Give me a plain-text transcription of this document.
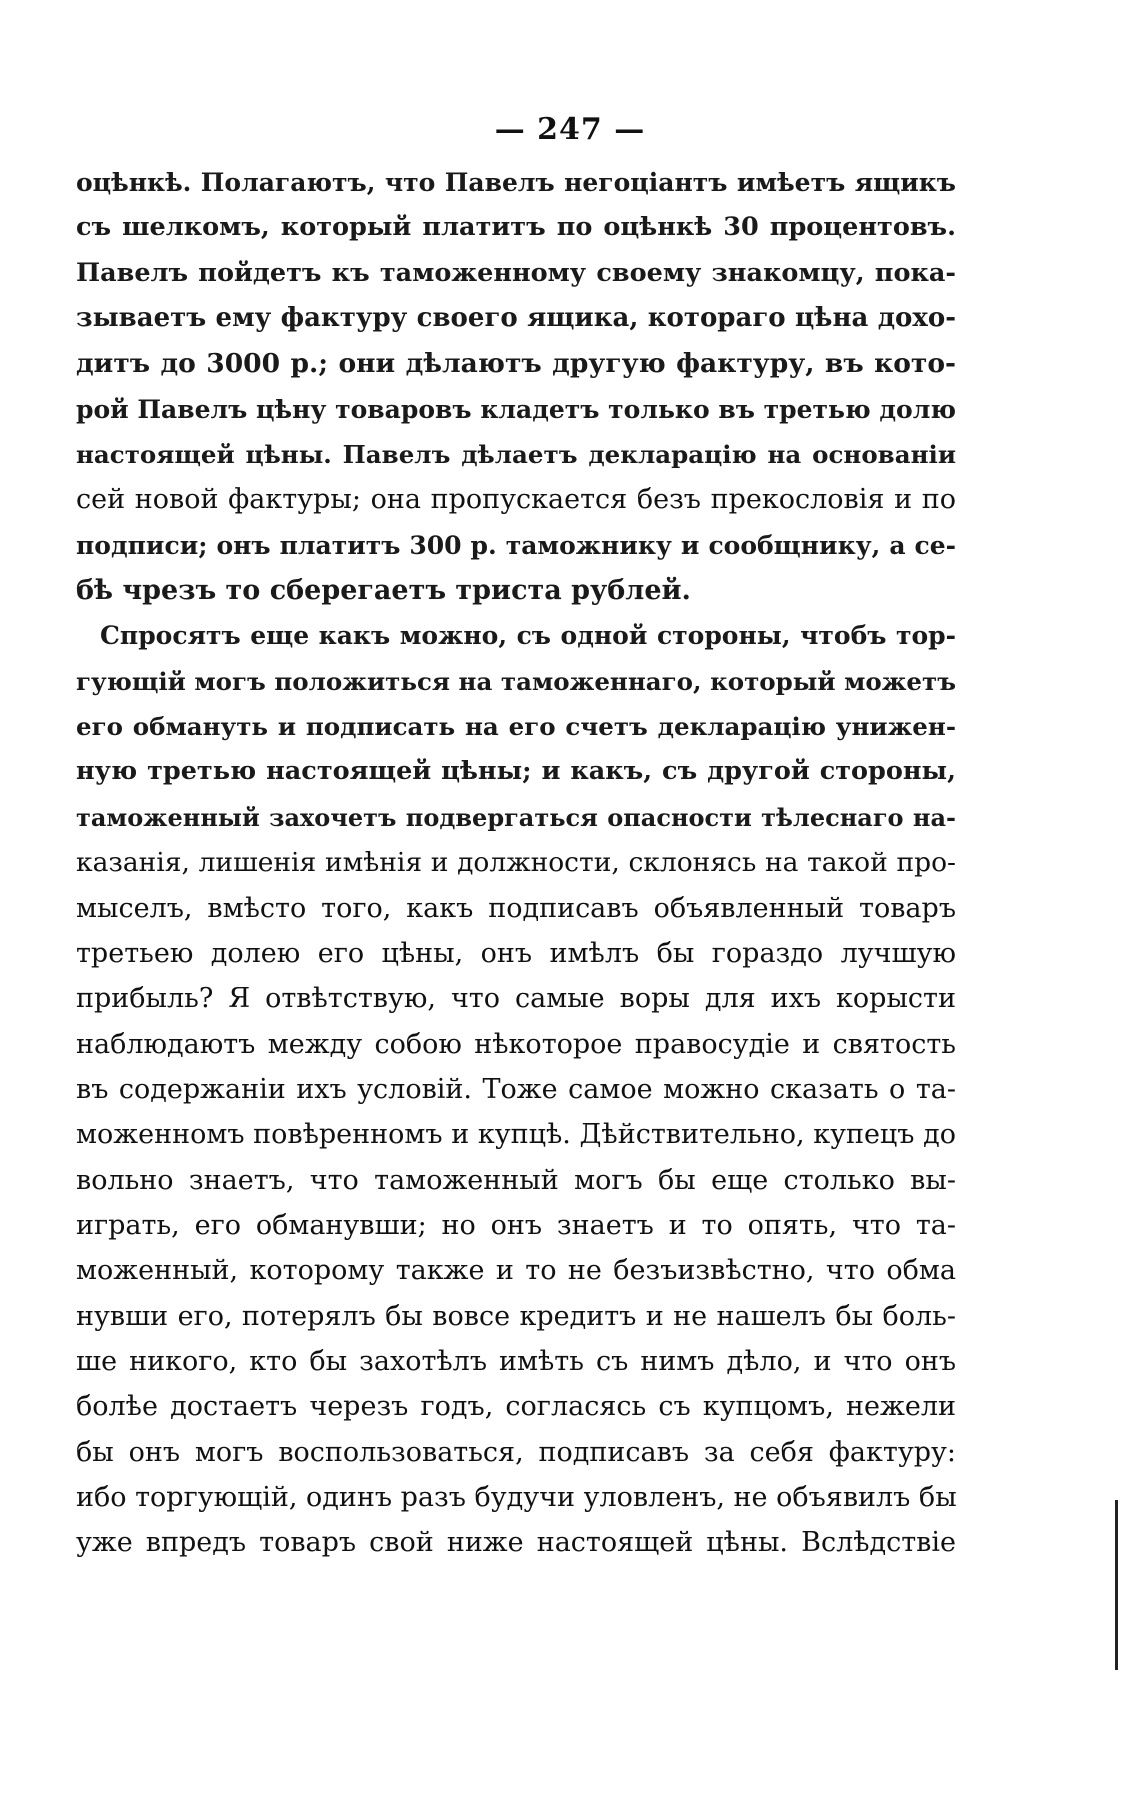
— 247 —
оцѣнкѣ. Полагаютъ, что Павелъ негоціантъ имѣетъ ящикъ
съ шелкомъ, который платитъ по оцѣнкѣ 30 процентовъ.
Павелъ пойдетъ къ таможенному своему знакомцу, пока-
зываетъ ему фактуру своего ящика, котораго цѣна дохо-
дитъ до 3000 р.; они дѣлаютъ другую фактуру, въ кото-
рой Павелъ цѣну товаровъ кладетъ только въ третью долю
настоящей цѣны. Павелъ дѣлаетъ декларацію на основаніи
сей новой фактуры; она пропускается безъ прекословія и по
подписи; онъ платитъ 300 р. таможнику и сообщнику, а се-
бѣ чрезъ то сберегаетъ триста рублей.
Спросятъ еще какъ можно, съ одной стороны, чтобъ тор-
гующій могъ положиться на таможеннаго, который можетъ
его обмануть и подписать на его счетъ декларацію унижен-
ную третью настоящей цѣны; и какъ, съ другой стороны,
таможенный захочетъ подвергаться опасности тѣлеснаго на-
казанія, лишенія имѣнія и должности, склонясь на такой про-
мыселъ, вмѣсто того, какъ подписавъ объявленный товаръ
третьею долею его цѣны, онъ имѣлъ бы гораздо лучшую
прибыль? Я отвѣтствую, что самые воры для ихъ корысти
наблюдаютъ между собою нѣкоторое правосудіе и святость
въ содержаніи ихъ условій. Тоже самое можно сказать о та-
моженномъ повѣренномъ и купцѣ. Дѣйствительно, купецъ до
вольно знаетъ, что таможенный могъ бы еще столько вы-
играть, его обманувши; но онъ знаетъ и то опять, что та-
моженный, которому также и то не безъизвѣстно, что обма
нувши его, потерялъ бы вовсе кредитъ и не нашелъ бы боль-
ше никого, кто бы захотѣлъ имѣть съ нимъ дѣло, и что онъ
болѣе достаетъ черезъ годъ, согласясь съ купцомъ, нежели
бы онъ могъ воспользоваться, подписавъ за себя фактуру:
ибо торгующій, одинъ разъ будучи уловленъ, не объявилъ бы
уже впредъ товаръ свой ниже настоящей цѣны. Вслѣдствіе
